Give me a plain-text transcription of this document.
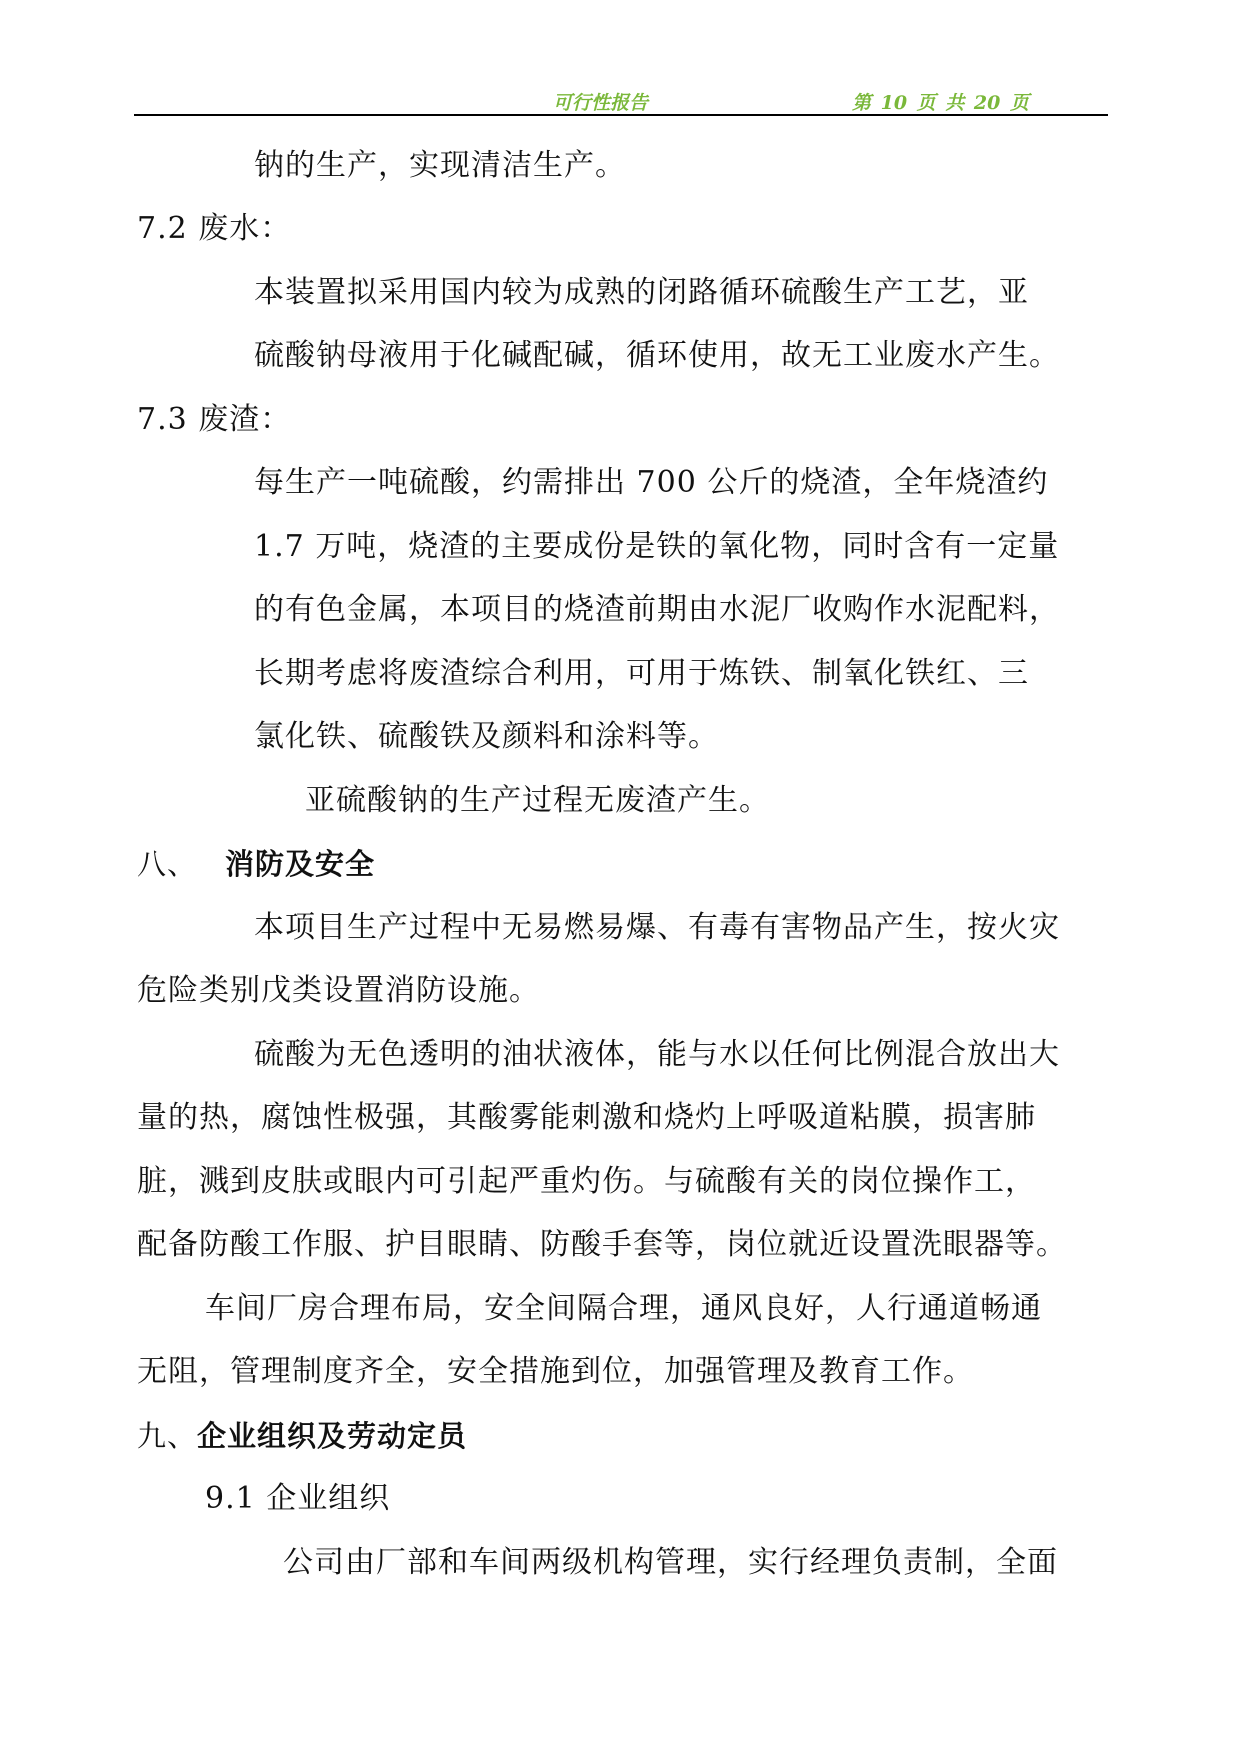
可行性报告	第 10 页 共 20 页
钠的生产，实现清洁生产。
7.2 废水：
本装置拟采用国内较为成熟的闭路循环硫酸生产工艺，亚
硫酸钠母液用于化碱配碱，循环使用，故无工业废水产生。
7.3 废渣：
每生产一吨硫酸，约需排出 700 公斤的烧渣，全年烧渣约
1.7 万吨，烧渣的主要成份是铁的氧化物，同时含有一定量
的有色金属，本项目的烧渣前期由水泥厂收购作水泥配料，
长期考虑将废渣综合利用，可用于炼铁、制氧化铁红、三
氯化铁、硫酸铁及颜料和涂料等。
亚硫酸钠的生产过程无废渣产生。
八、 消防及安全
本项目生产过程中无易燃易爆、有毒有害物品产生，按火灾
危险类别戊类设置消防设施。
硫酸为无色透明的油状液体，能与水以任何比例混合放出大
量的热，腐蚀性极强，其酸雾能刺激和烧灼上呼吸道粘膜，损害肺
脏，溅到皮肤或眼内可引起严重灼伤。与硫酸有关的岗位操作工，
配备防酸工作服、护目眼睛、防酸手套等，岗位就近设置洗眼器等。
车间厂房合理布局，安全间隔合理，通风良好，人行通道畅通
无阻，管理制度齐全，安全措施到位，加强管理及教育工作。
九、企业组织及劳动定员
9.1 企业组织
公司由厂部和车间两级机构管理，实行经理负责制，全面
